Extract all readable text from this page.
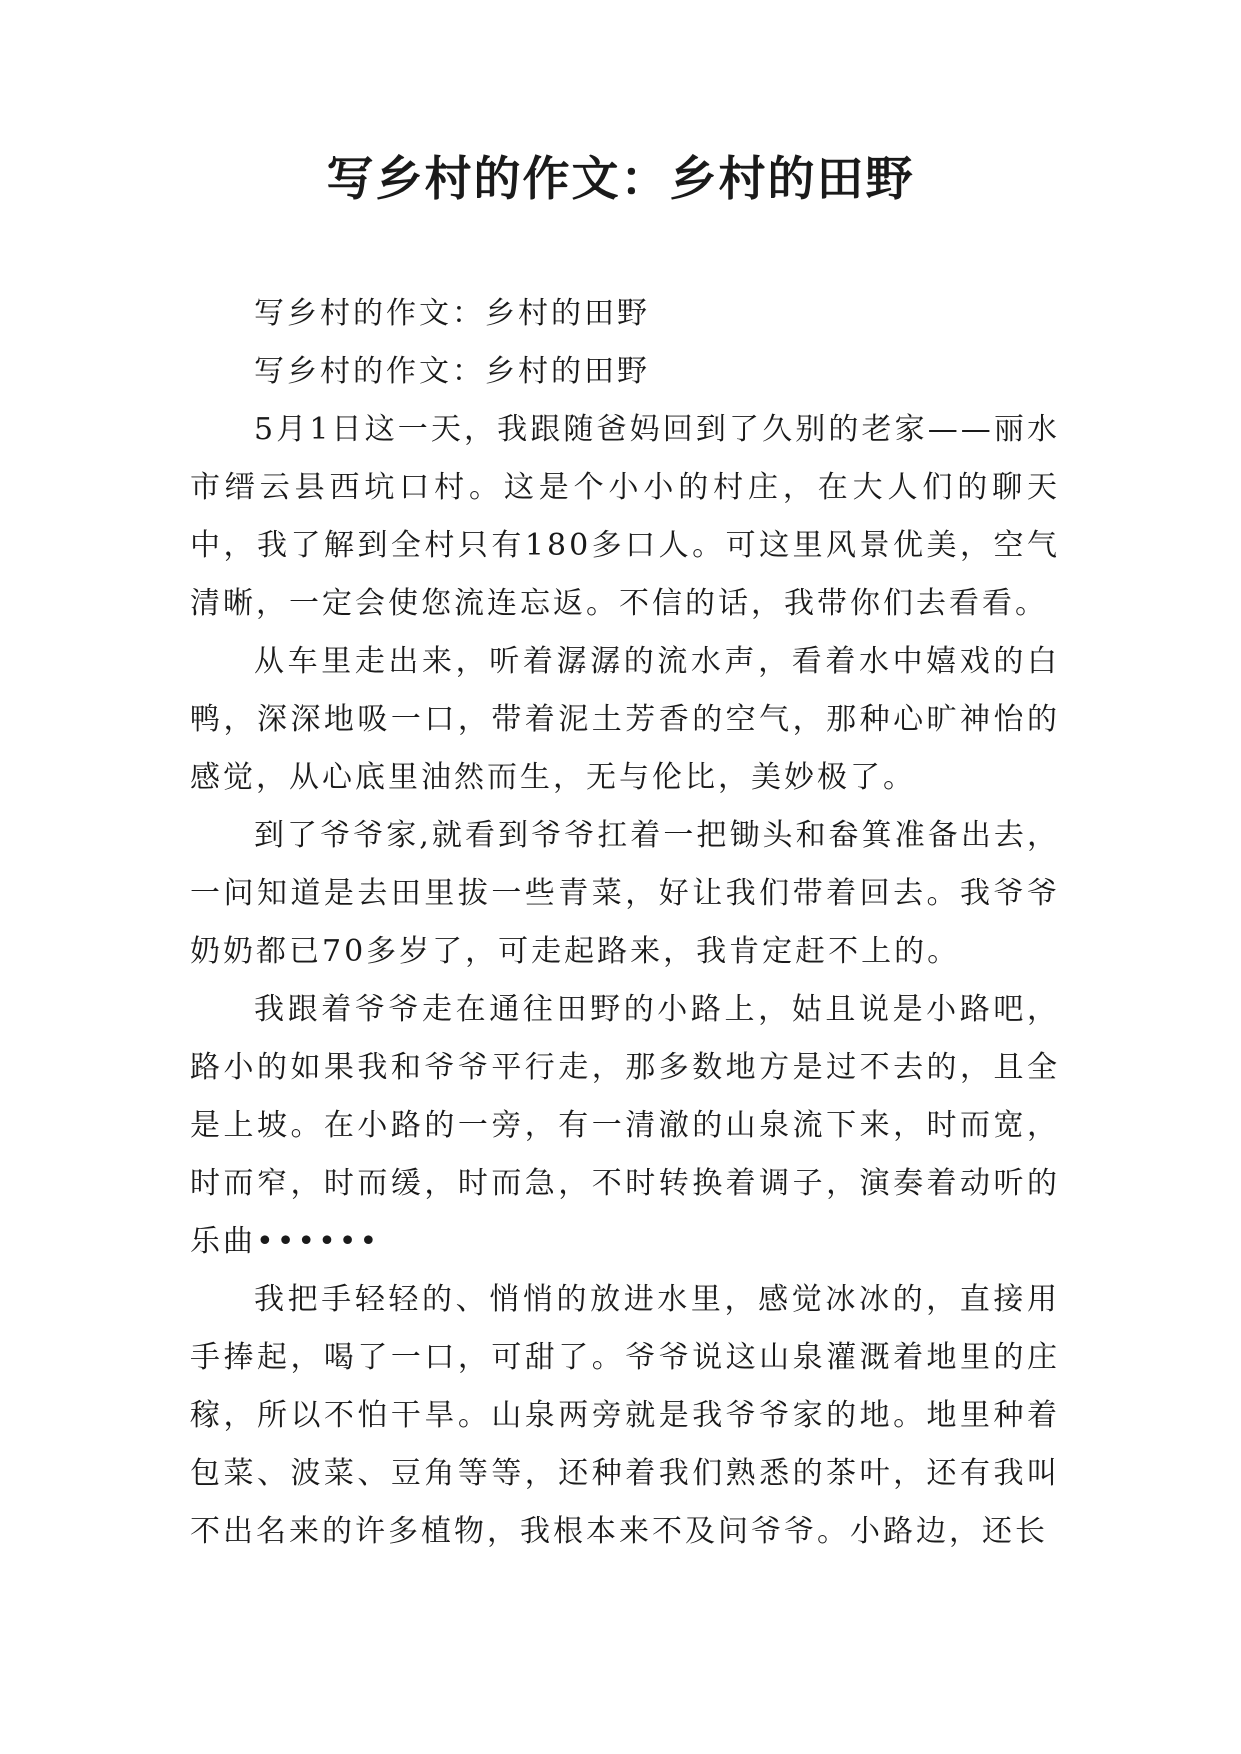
写乡村的作文：乡村的田野

写乡村的作文：乡村的田野

写乡村的作文：乡村的田野

5月1日这一天，我跟随爸妈回到了久别的老家——丽水市缙云县西坑口村。这是个小小的村庄，在大人们的聊天中，我了解到全村只有180多口人。可这里风景优美，空气清晰，一定会使您流连忘返。不信的话，我带你们去看看。

从车里走出来，听着潺潺的流水声，看着水中嬉戏的白鸭，深深地吸一口，带着泥土芳香的空气，那种心旷神怡的感觉，从心底里油然而生，无与伦比，美妙极了。

到了爷爷家,就看到爷爷扛着一把锄头和畚箕准备出去，一问知道是去田里拔一些青菜，好让我们带着回去。我爷爷奶奶都已70多岁了，可走起路来，我肯定赶不上的。

我跟着爷爷走在通往田野的小路上，姑且说是小路吧，路小的如果我和爷爷平行走，那多数地方是过不去的，且全是上坡。在小路的一旁，有一清澈的山泉流下来，时而宽，时而窄，时而缓，时而急，不时转换着调子，演奏着动听的乐曲••••••

我把手轻轻的、悄悄的放进水里，感觉冰冰的，直接用手捧起，喝了一口，可甜了。爷爷说这山泉灌溉着地里的庄稼，所以不怕干旱。山泉两旁就是我爷爷家的地。地里种着包菜、波菜、豆角等等，还种着我们熟悉的茶叶，还有我叫不出名来的许多植物，我根本来不及问爷爷。小路边，还长
